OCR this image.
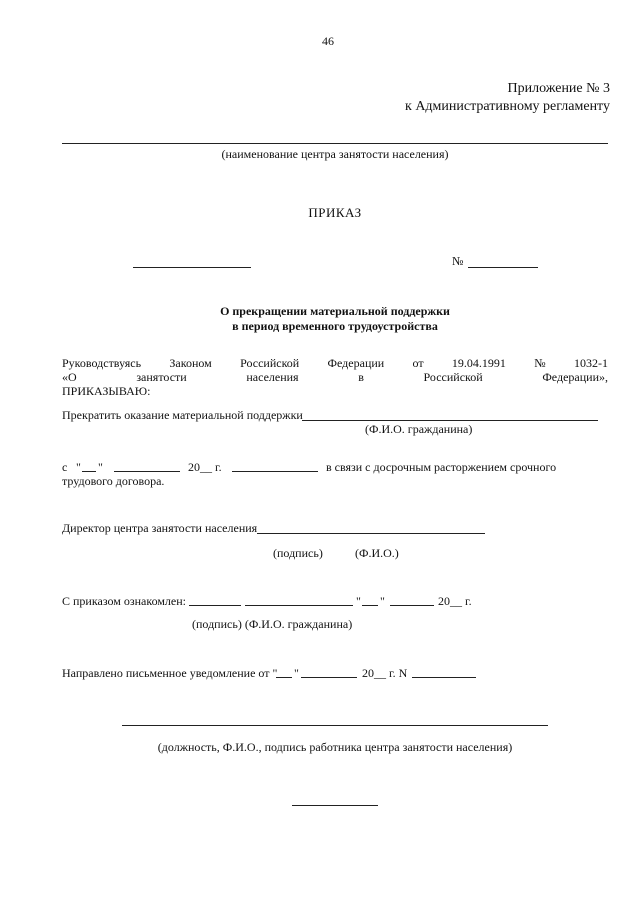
46
Приложение № 3
к Административному регламенту
(наименование центра занятости населения)
ПРИКАЗ
№
О прекращении материальной поддержки
в период временного трудоустройства
Руководствуясь Законом Российской Федерации от 19.04.1991 № 1032-1
«О	занятости	населения	в	Российской	Федерации»,
ПРИКАЗЫВАЮ:
Прекратить оказание материальной поддержки
(Ф.И.О. гражданина)
с " "	20__ г.	в связи с досрочным расторжением срочного
трудового договора.
Директор центра занятости населения
(подпись)	(Ф.И.О.)
С приказом ознакомлен:	" "	20__ г.
(подпись) (Ф.И.О. гражданина)
Направлено письменное уведомление от " "	20__ г. N
(должность, Ф.И.О., подпись работника центра занятости населения)
